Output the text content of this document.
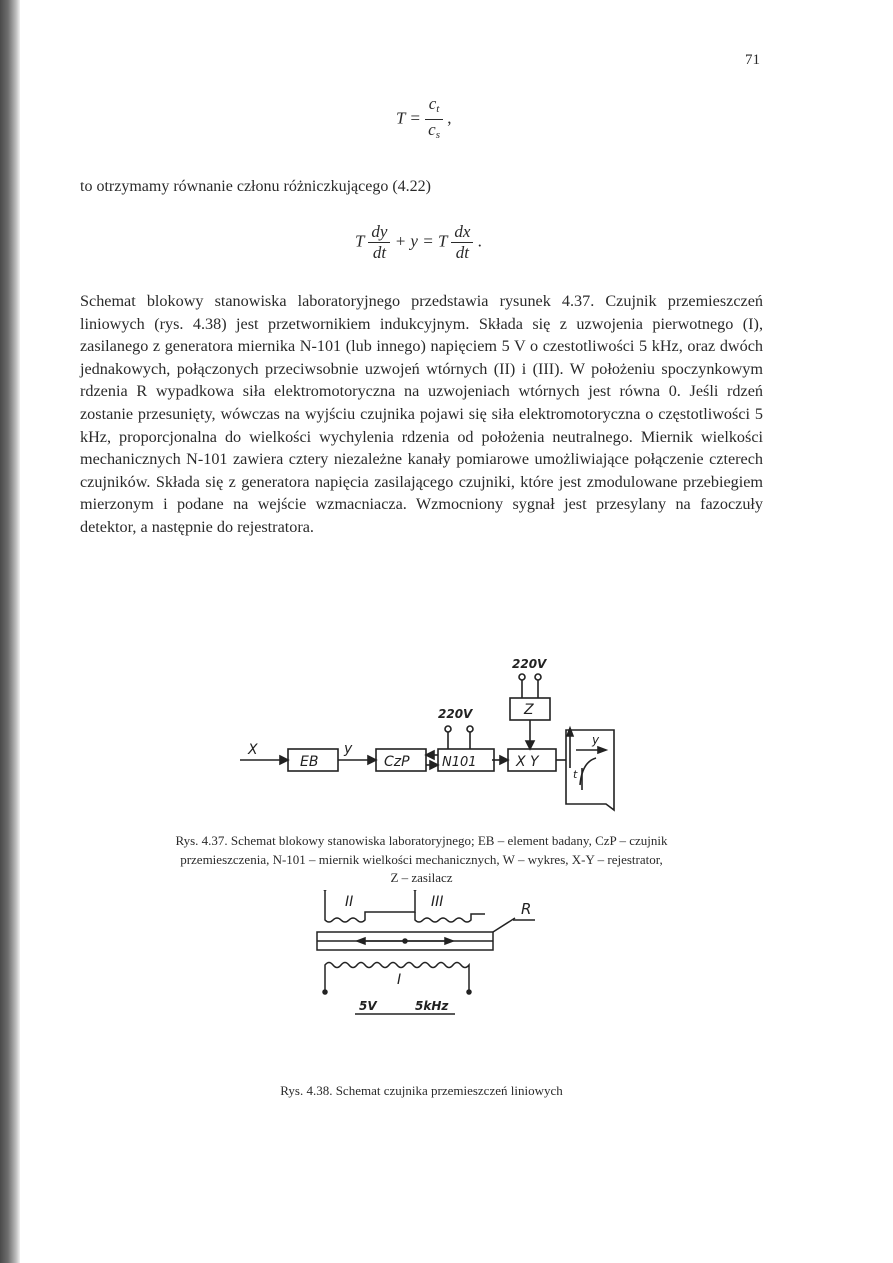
71
$T = \frac{c_t}{c_s}$ ,
to otrzymamy równanie członu różniczkującego (4.22)
T $\frac{dy}{dt} + y = T \frac{dx}{dt}$ .
Schemat blokowy stanowiska laboratoryjnego przedstawia rysunek 4.37. Czujnik przemieszczeń liniowych (rys. 4.38) jest przetwornikiem indukcyjnym. Składa się z uzwojenia pierwotnego (I), zasilanego z generatora miernika N-101 (lub innego) napięciem 5 V o czestotliwości 5 kHz, oraz dwóch jednakowych, połączonych przeciwsobnie uzwojeń wtórnych (II) i (III). W położeniu spoczynkowym rdzenia R wypadkowa siła elektromotoryczna na uzwojeniach wtórnych jest równa 0. Jeśli rdzeń zostanie przesunięty, wówczas na wyjściu czujnika pojawi się siła elektromotoryczna o częstotliwości 5 kHz, proporcjonalna do wielkości wychylenia rdzenia od położenia neutralnego. Miernik wielkości mechanicznych N-101 zawiera cztery niezależne kanały pomiarowe umożliwiające połączenie czterech czujników. Składa się z generatora napięcia zasilającego czujniki, które jest zmodulowane przebiegiem mierzonym i podane na wejście wzmacniacza. Wzmocniony sygnał jest przesylany na fazoczuły detektor, a następnie do rejestratora.
X
EB
y
CzP N101	X Y
Z
220V
220V
y
t
Rys. 4.37. Schemat blokowy stanowiska laboratoryjnego; EB – element badany, CzP – czujnik
przemieszczenia, N-101 – miernik wielkości mechanicznych, W – wykres, X-Y – rejestrator,
Z – zasilacz
II	III
I
R
5V	5kHz
Rys. 4.38. Schemat czujnika przemieszczeń liniowych
